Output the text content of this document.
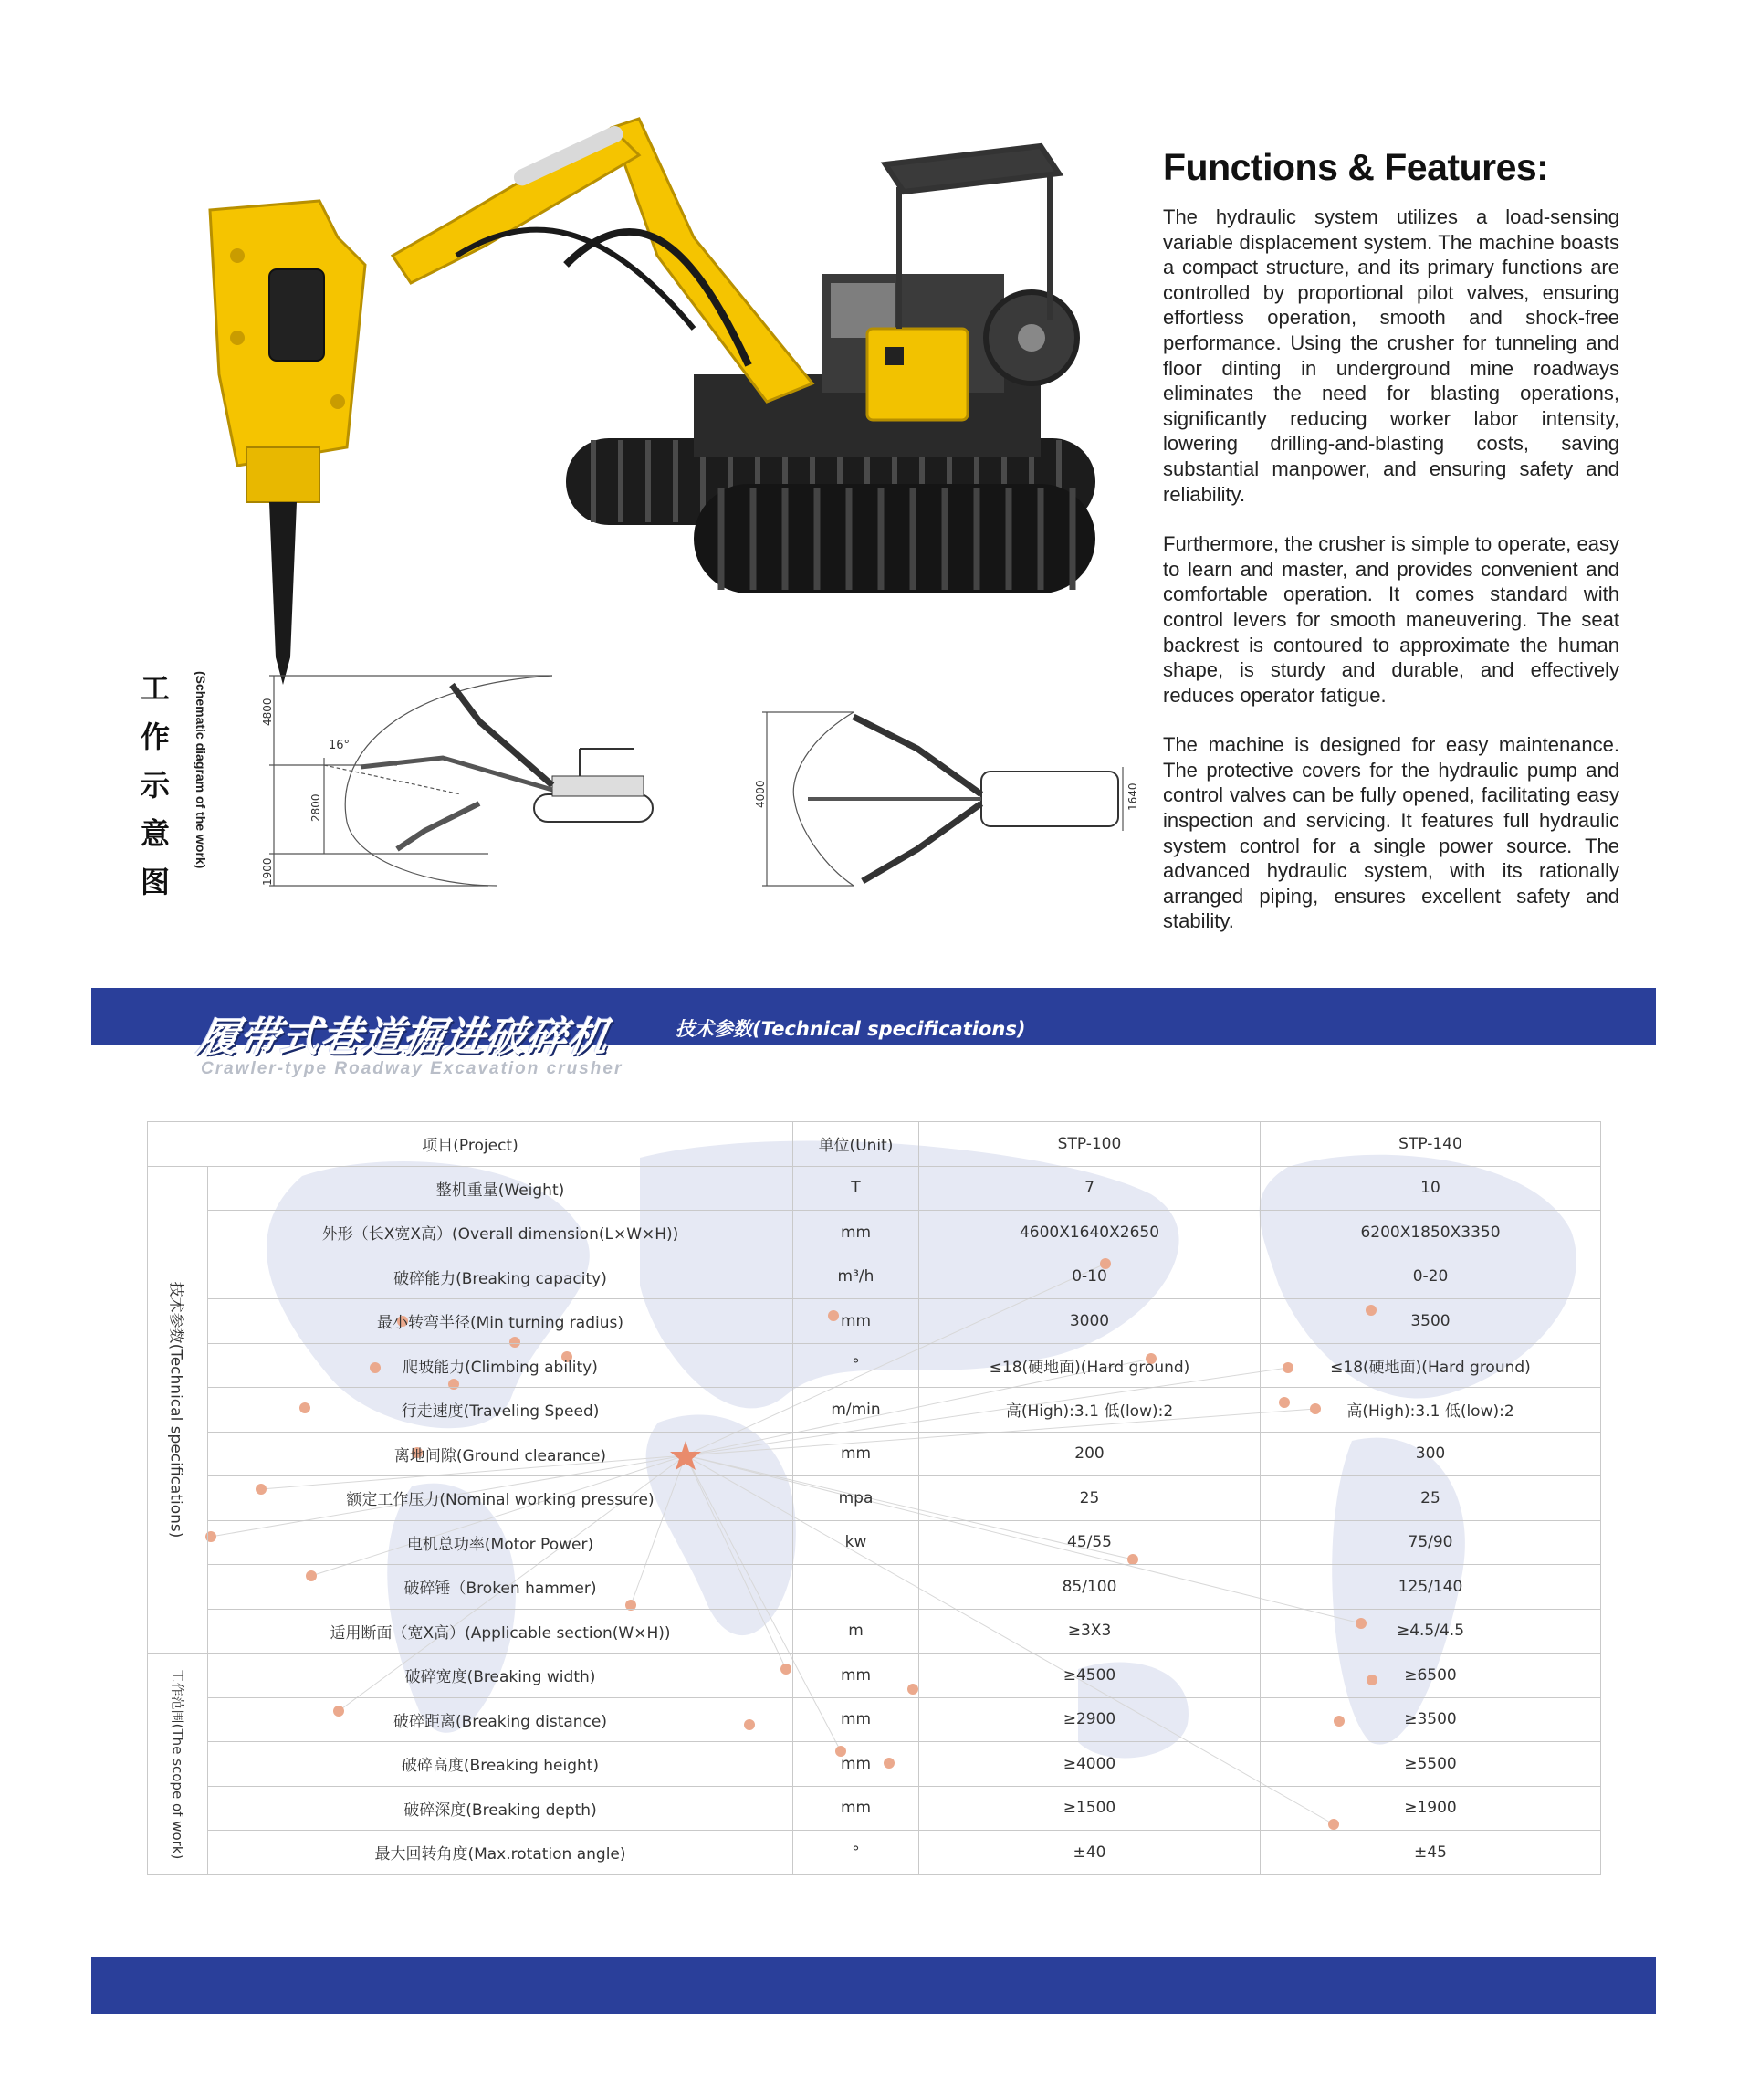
Functions & Features:

The hydraulic system utilizes a load-sensing variable displacement system. The machine boasts a compact structure, and its primary functions are controlled by proportional pilot valves, ensuring effortless operation, smooth and shock-free performance. Using the crusher for tunneling and floor dinting in underground mine roadways eliminates the need for blasting operations, significantly reducing worker labor intensity, lowering drilling-and-blasting costs, saving substantial manpower, and ensuring safety and reliability.

Furthermore, the crusher is simple to operate, easy to learn and master, and provides convenient and comfortable operation. It comes standard with control levers for smooth maneuvering. The seat backrest is contoured to approximate the human shape, is sturdy and durable, and effectively reduces operator fatigue.

The machine is designed for easy maintenance. The protective covers for the hydraulic pump and control valves can be fully opened, facilitating easy inspection and servicing. It features full hydraulic system control for a single power source. The advanced hydraulic system, with its rationally arranged piping, ensures excellent safety and stability.

工
作
示
意
图
(Schematic diagram of the work)	16°
4800
2800
1900
4000	1640
履带式巷道掘进破碎机
Crawler-type Roadway Excavation crusher
技术参数(Technical specifications)
项目(Project)		单位(Unit)	STP-100	STP-140

技术参数(Technical specifications)	整机重量(Weight)	T	7	10
	外形（长X宽X高）(Overall dimension(L×W×H))	mm	4600X1640X2650	6200X1850X3350
	破碎能力(Breaking capacity)	m³/h	0-10	0-20
	最小转弯半径(Min turning radius)	mm	3000	3500
	爬坡能力(Climbing ability)	°	≤18(硬地面)(Hard ground)	≤18(硬地面)(Hard ground)
	行走速度(Traveling Speed)	m/min	高(High):3.1 低(low):2	高(High):3.1 低(low):2
	离地间隙(Ground clearance)	mm	200	300
	额定工作压力(Nominal working pressure)	mpa	25	25
	电机总功率(Motor Power)	kw	45/55	75/90
	破碎锤（Broken hammer)		85/100	125/140
	适用断面（宽X高）(Applicable section(W×H))	m	≥3X3	≥4.5/4.5

工作范围(The scope of work)	破碎宽度(Breaking width)	mm	≥4500	≥6500
	破碎距离(Breaking distance)	mm	≥2900	≥3500
	破碎高度(Breaking height)	mm	≥4000	≥5500
	破碎深度(Breaking depth)	mm	≥1500	≥1900
	最大回转角度(Max.rotation angle)	°	±40	±45
